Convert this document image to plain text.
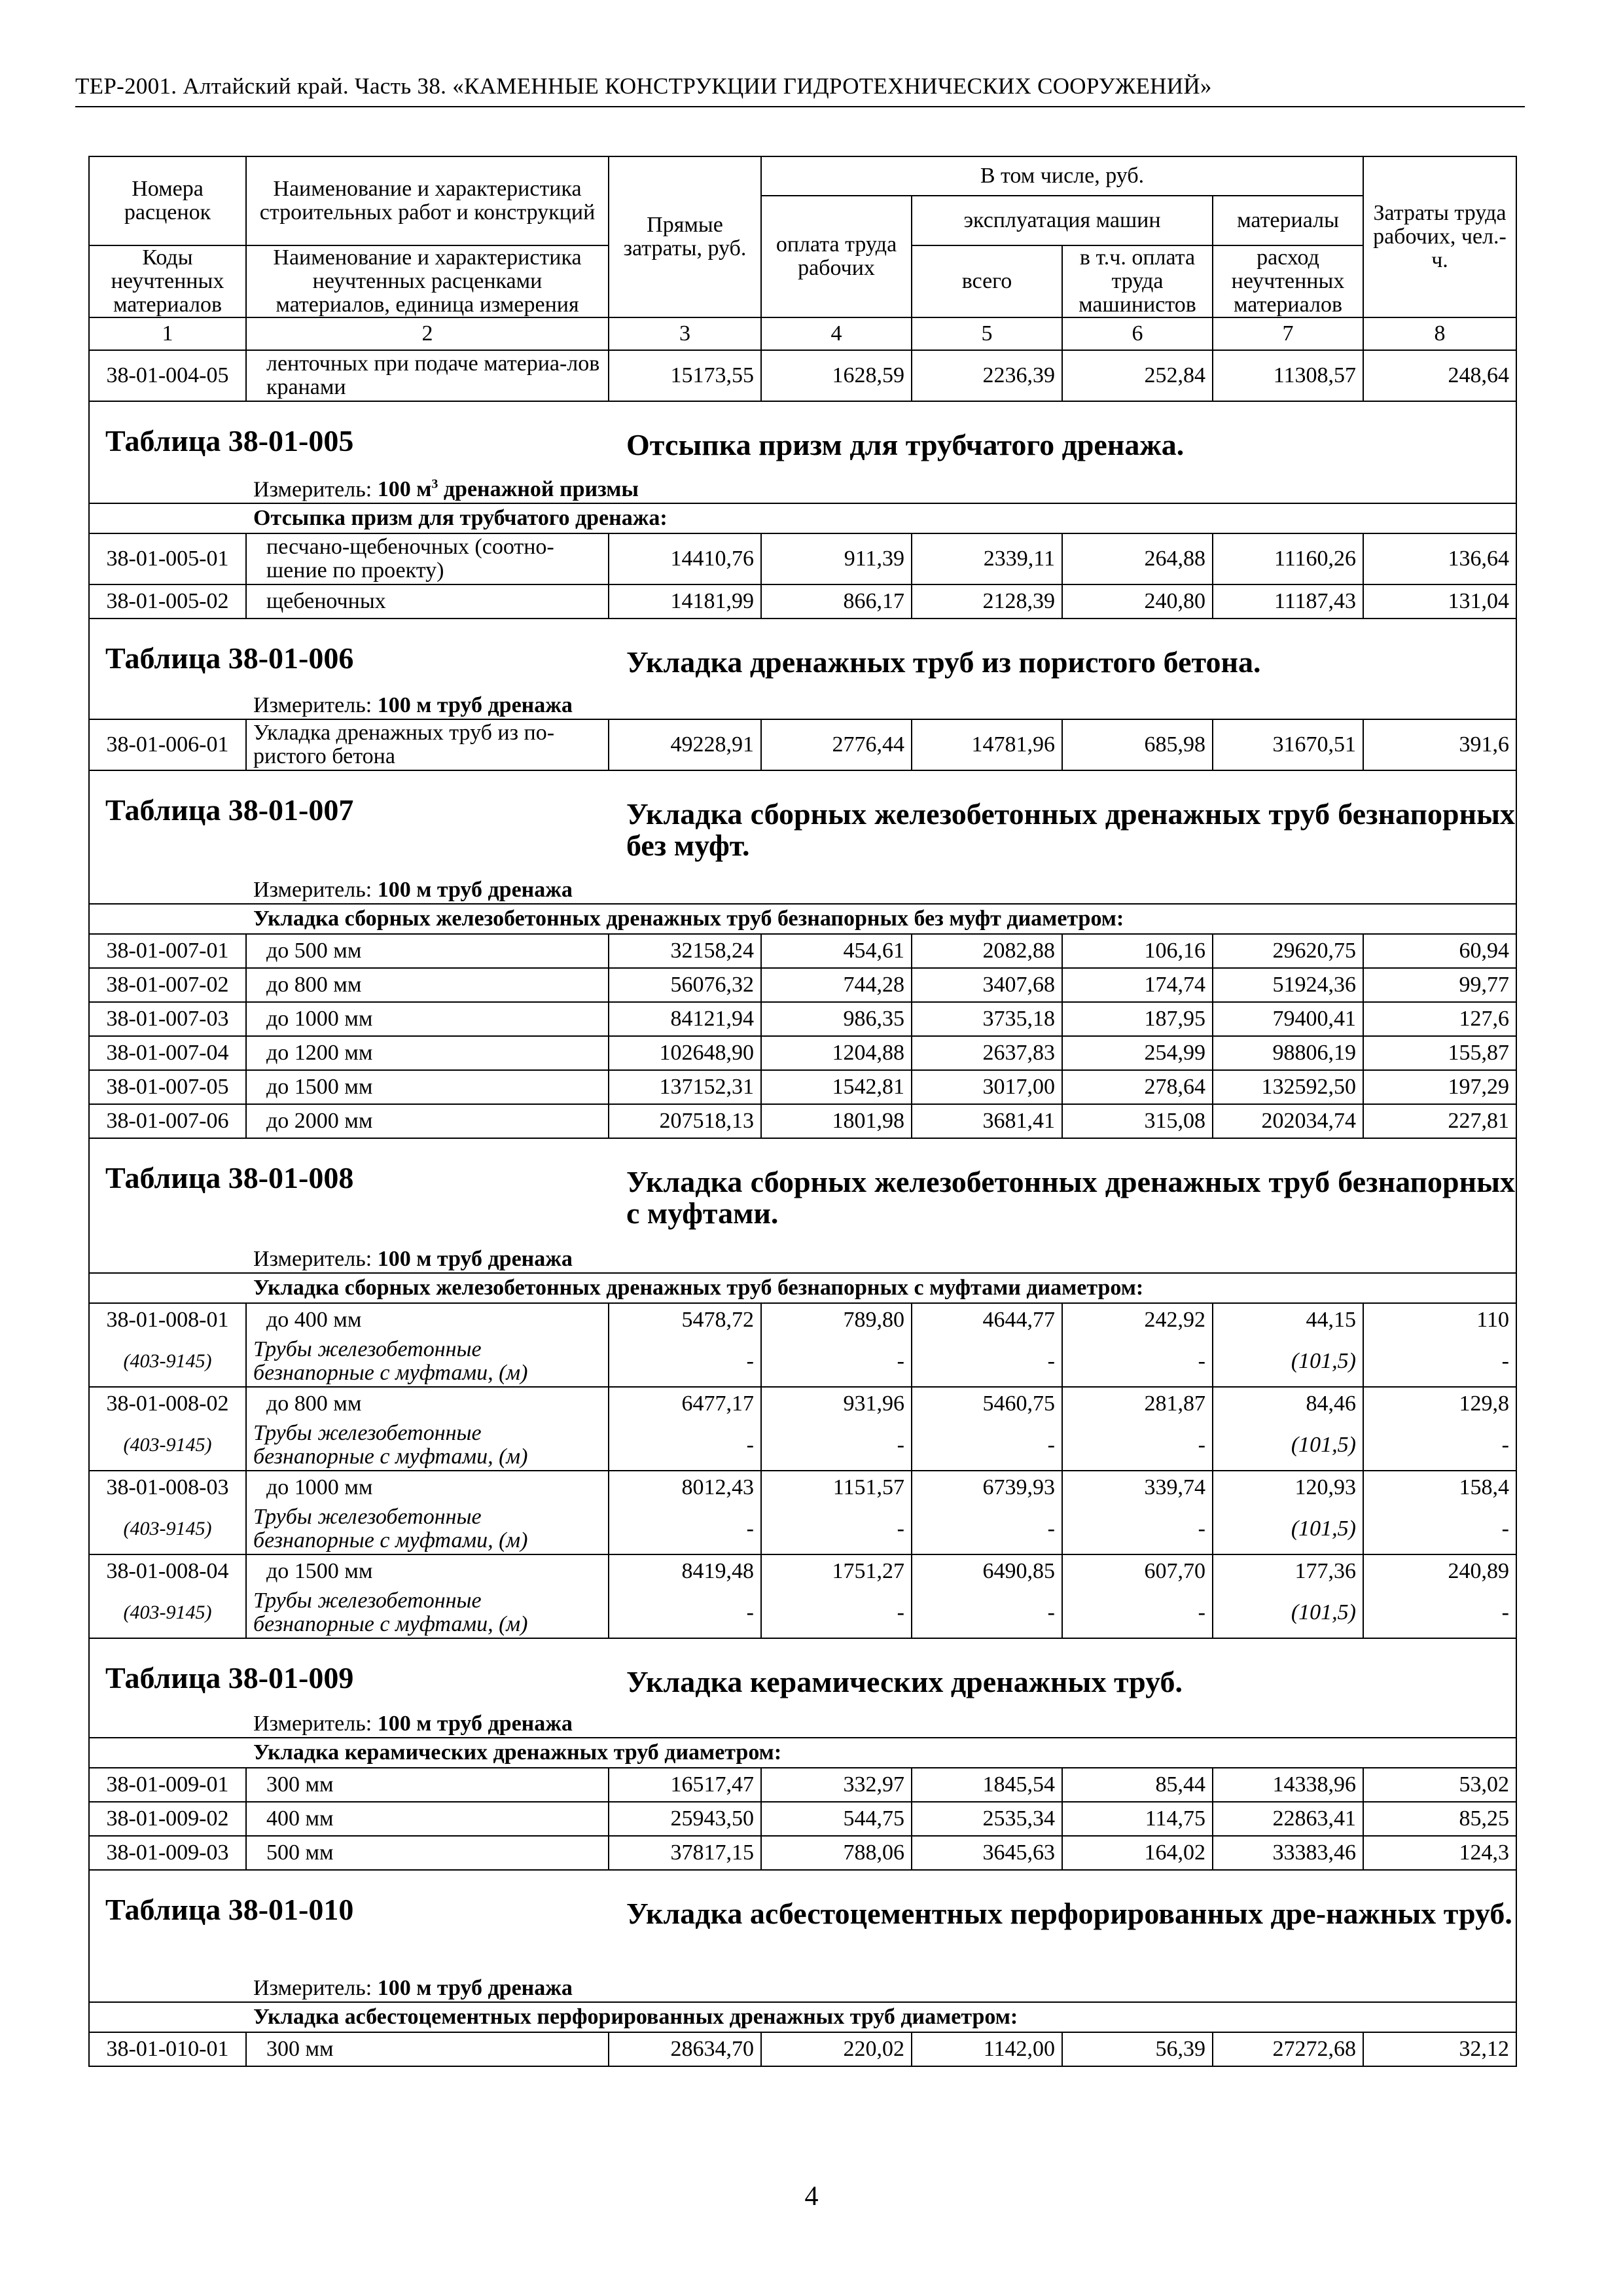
ТЕР-2001. Алтайский край. Часть 38. «КАМЕННЫЕ КОНСТРУКЦИИ ГИДРОТЕХНИЧЕСКИХ СООРУЖЕНИЙ»
Номера расценок	Наименование и характеристика строительных работ и конструкций	Прямые затраты, руб.	В том числе, руб.				Затраты труда рабочих, чел.-ч.
			оплата труда рабочих	эксплуатация машин		материалы	
Коды неучтенных материалов	Наименование и характеристика неучтенных расценками материалов, единица измерения			всего	в т.ч. оплата труда машинистов	расход неучтенных материалов	
1	2	3	4	5	6	7	8
38-01-004-05	ленточных при подаче материа-лов кранами	15173,55	1628,59	2236,39	252,84	11308,57	248,64

Таблица 38-01-005 Отсыпка призм для трубчатого дренажа.
Измеритель: 100 $м^3$ дренажной призмы							

Отсыпка призм для трубчатого дренажа:							
38-01-005-01	песчано-щебеночных (соотно-шение по проекту)	14410,76	911,39	2339,11	264,88	11160,26	136,64
38-01-005-02	щебеночных	14181,99	866,17	2128,39	240,80	11187,43	131,04

Таблица 38-01-006 Укладка дренажных труб из пористого бетона.
Измеритель: 100 м труб дренажа							

38-01-006-01	Укладка дренажных труб из по-ристого бетона	49228,91	2776,44	14781,96	685,98	31670,51	391,6

Таблица 38-01-007 Укладка сборных железобетонных дренажных труб безнапорных без муфт.
Измеритель: 100 м труб дренажа							

Укладка сборных железобетонных дренажных труб безнапорных без муфт диаметром:							
38-01-007-01	до 500 мм	32158,24	454,61	2082,88	106,16	29620,75	60,94
38-01-007-02	до 800 мм	56076,32	744,28	3407,68	174,74	51924,36	99,77
38-01-007-03	до 1000 мм	84121,94	986,35	3735,18	187,95	79400,41	127,6
38-01-007-04	до 1200 мм	102648,90	1204,88	2637,83	254,99	98806,19	155,87
38-01-007-05	до 1500 мм	137152,31	1542,81	3017,00	278,64	132592,50	197,29
38-01-007-06	до 2000 мм	207518,13	1801,98	3681,41	315,08	202034,74	227,81

Таблица 38-01-008 Укладка сборных железобетонных дренажных труб безнапорных с муфтами.
Измеритель: 100 м труб дренажа							

Укладка сборных железобетонных дренажных труб безнапорных с муфтами диаметром:							
38-01-008-01	до 400 мм	5478,72	789,80	4644,77	242,92	44,15	110
(403-9145)	Трубы железобетонные безнапорные с муфтами, (м)	-	-	-	-	(101,5)	-
38-01-008-02	до 800 мм	6477,17	931,96	5460,75	281,87	84,46	129,8
(403-9145)	Трубы железобетонные безнапорные с муфтами, (м)	-	-	-	-	(101,5)	-
38-01-008-03	до 1000 мм	8012,43	1151,57	6739,93	339,74	120,93	158,4
(403-9145)	Трубы железобетонные безнапорные с муфтами, (м)	-	-	-	-	(101,5)	-
38-01-008-04	до 1500 мм	8419,48	1751,27	6490,85	607,70	177,36	240,89
(403-9145)	Трубы железобетонные безнапорные с муфтами, (м)	-	-	-	-	(101,5)	-

Таблица 38-01-009 Укладка керамических дренажных труб.
Измеритель: 100 м труб дренажа							

Укладка керамических дренажных труб диаметром:							
38-01-009-01	300 мм	16517,47	332,97	1845,54	85,44	14338,96	53,02
38-01-009-02	400 мм	25943,50	544,75	2535,34	114,75	22863,41	85,25
38-01-009-03	500 мм	37817,15	788,06	3645,63	164,02	33383,46	124,3

Таблица 38-01-010 Укладка асбестоцементных перфорированных дре-нажных труб.
Измеритель: 100 м труб дренажа							

Укладка асбестоцементных перфорированных дренажных труб диаметром:							
38-01-010-01	300 мм	28634,70	220,02	1142,00	56,39	27272,68	32,12
4
